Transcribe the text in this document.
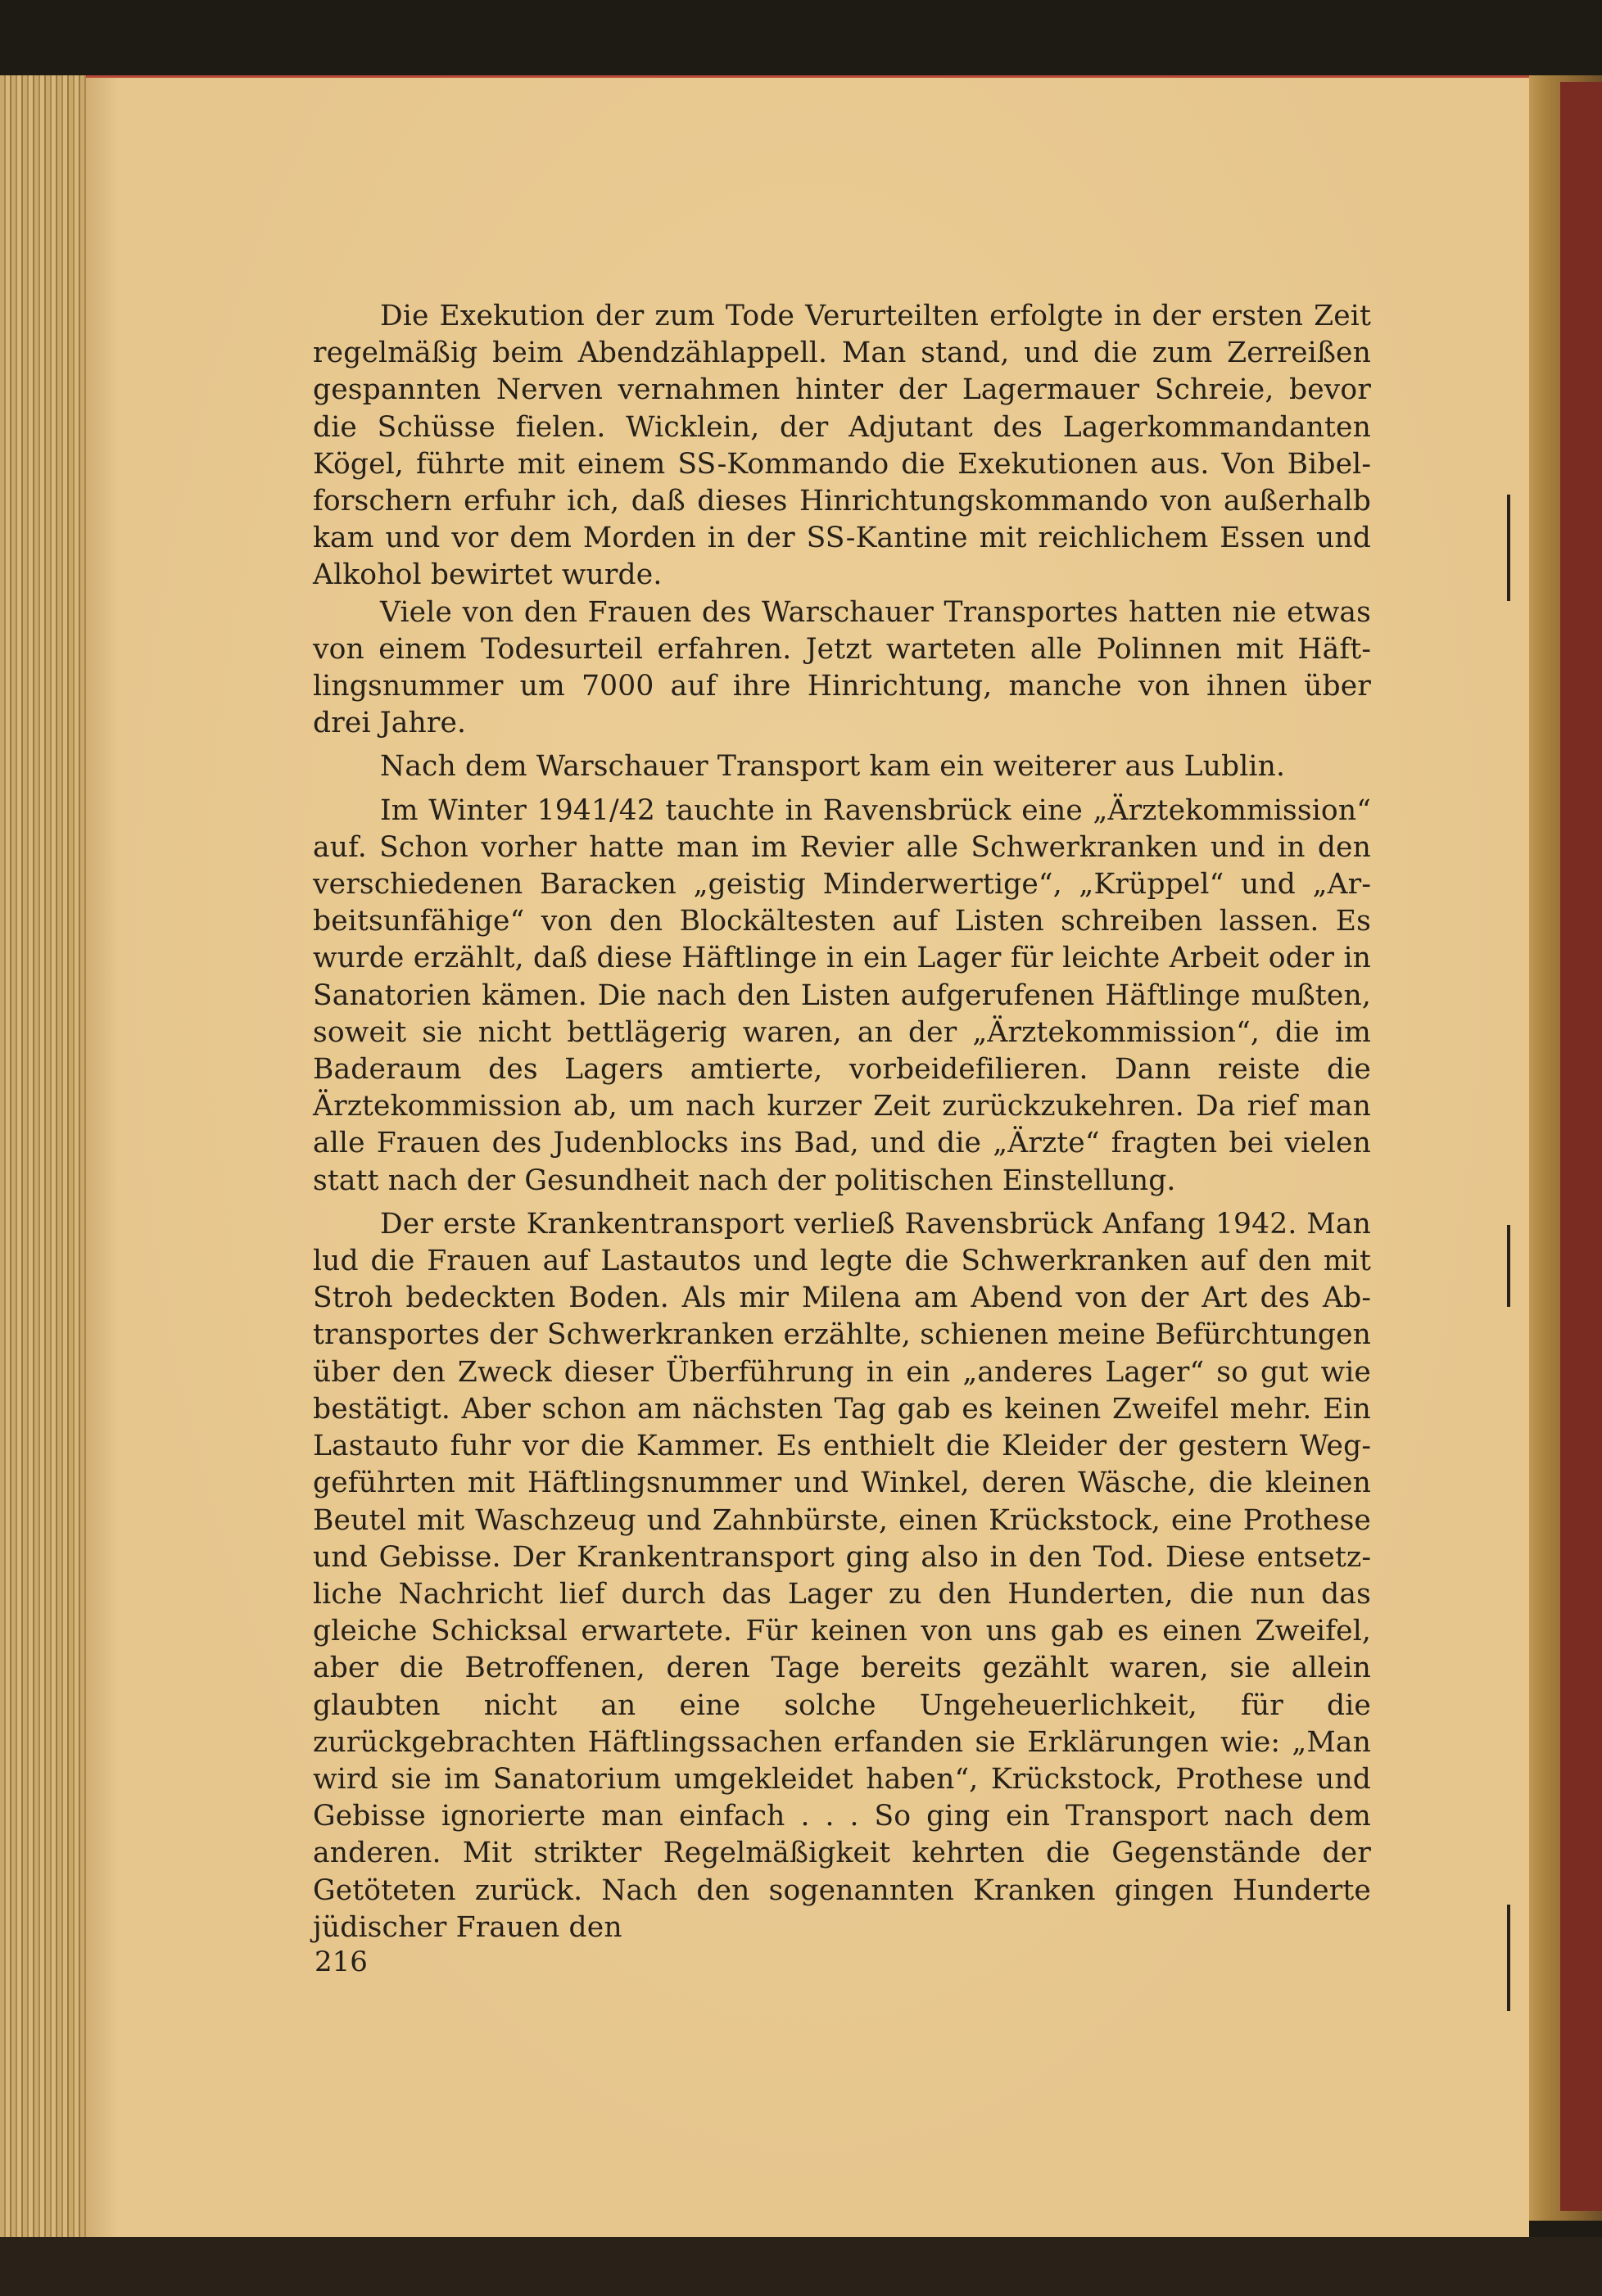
Die Exekution der zum Tode Verurteilten erfolgte in der ersten Zeit regelmäßig beim Abendzählappell. Man stand, und die zum Zerreißen gespannten Nerven vernahmen hinter der Lagermauer Schreie, bevor die Schüsse fielen. Wicklein, der Adjutant des Lagerkommandanten Kögel, führte mit einem SS-Kommando die Exekutionen aus. Von Bibelforschern erfuhr ich, daß dieses Hinrichtungskommando von außerhalb kam und vor dem Morden in der SS-Kantine mit reichlichem Essen und Alkohol bewirtet wurde.

Viele von den Frauen des Warschauer Transportes hatten nie etwas von einem Todesurteil erfahren. Jetzt warteten alle Polinnen mit Häftlingsnummer um 7000 auf ihre Hinrichtung, manche von ihnen über drei Jahre.

Nach dem Warschauer Transport kam ein weiterer aus Lublin.

Im Winter 1941/42 tauchte in Ravensbrück eine „Ärztekommission“ auf. Schon vorher hatte man im Revier alle Schwerkranken und in den verschiedenen Baracken „geistig Minderwertige“, „Krüppel“ und „Arbeitsunfähige“ von den Blockältesten auf Listen schreiben lassen. Es wurde erzählt, daß diese Häftlinge in ein Lager für leichte Arbeit oder in Sanatorien kämen. Die nach den Listen aufgerufenen Häftlinge mußten, soweit sie nicht bettlägerig waren, an der „Ärztekommission“, die im Baderaum des Lagers amtierte, vorbeidefilieren. Dann reiste die Ärztekommission ab, um nach kurzer Zeit zurückzukehren. Da rief man alle Frauen des Judenblocks ins Bad, und die „Ärzte“ fragten bei vielen statt nach der Gesundheit nach der politischen Einstellung.

Der erste Krankentransport verließ Ravensbrück Anfang 1942. Man lud die Frauen auf Lastautos und legte die Schwerkranken auf den mit Stroh bedeckten Boden. Als mir Milena am Abend von der Art des Abtransportes der Schwerkranken erzählte, schienen meine Befürchtungen über den Zweck dieser Überführung in ein „anderes Lager“ so gut wie bestätigt. Aber schon am nächsten Tag gab es keinen Zweifel mehr. Ein Lastauto fuhr vor die Kammer. Es enthielt die Kleider der gestern Weggeführten mit Häftlingsnummer und Winkel, deren Wäsche, die kleinen Beutel mit Waschzeug und Zahnbürste, einen Krückstock, eine Prothese und Gebisse. Der Krankentransport ging also in den Tod. Diese entsetzliche Nachricht lief durch das Lager zu den Hunderten, die nun das gleiche Schicksal erwartete. Für keinen von uns gab es einen Zweifel, aber die Betroffenen, deren Tage bereits gezählt waren, sie allein glaubten nicht an eine solche Ungeheuerlichkeit, für die zurückgebrachten Häftlingssachen erfanden sie Erklärungen wie: „Man wird sie im Sanatorium umgekleidet haben“, Krückstock, Prothese und Gebisse ignorierte man einfach . . . So ging ein Transport nach dem anderen. Mit strikter Regelmäßigkeit kehrten die Gegenstände der Getöteten zurück. Nach den sogenannten Kranken gingen Hunderte jüdischer Frauen den

216
